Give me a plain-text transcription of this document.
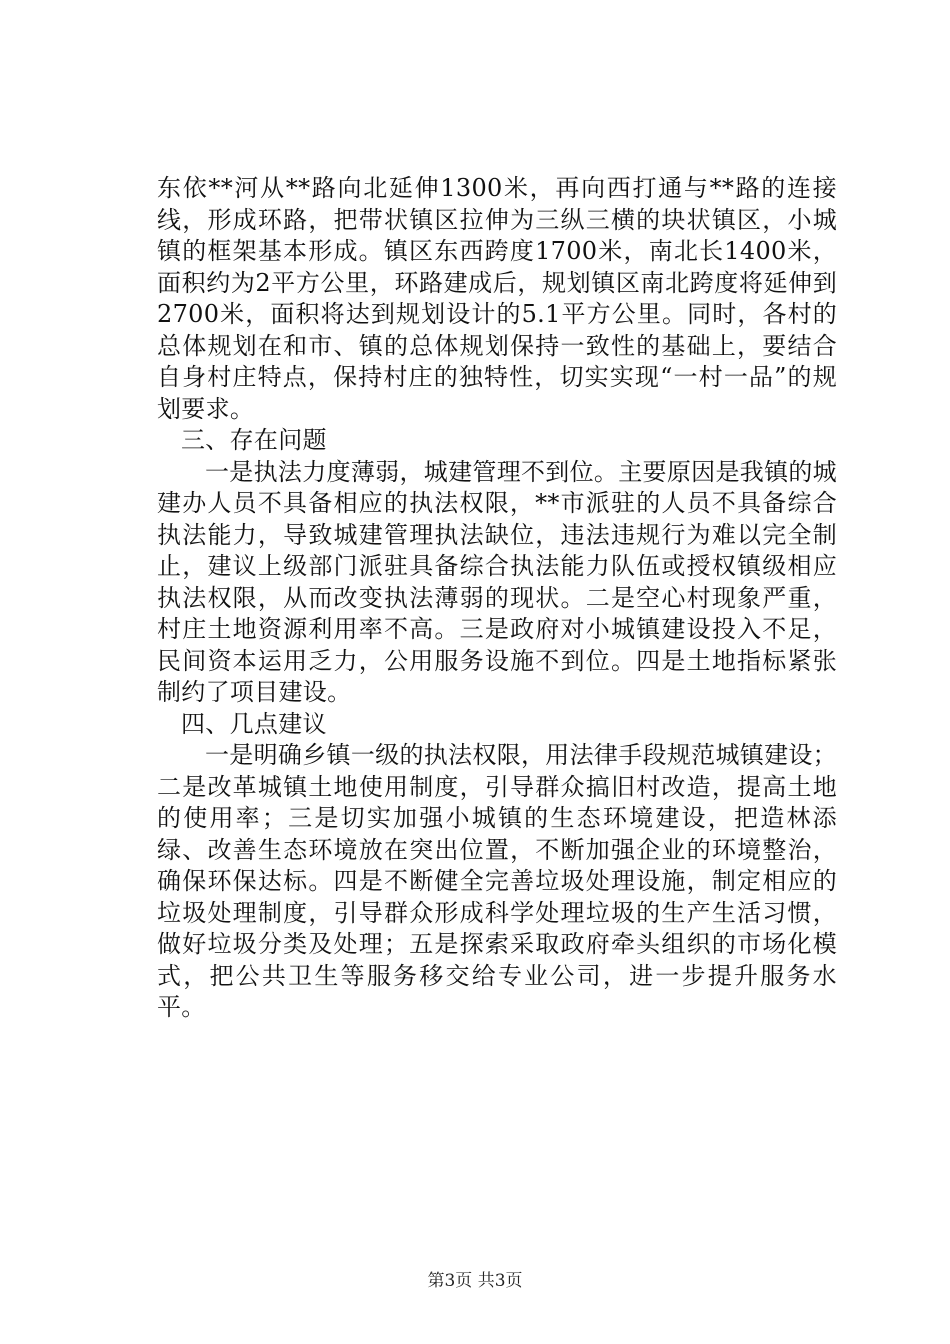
东依**河从**路向北延伸1300米，再向西打通与**路的连接线，形成环路，把带状镇区拉伸为三纵三横的块状镇区，小城镇的框架基本形成。镇区东西跨度1700米，南北长1400米，面积约为2平方公里，环路建成后，规划镇区南北跨度将延伸到2700米，面积将达到规划设计的5.1平方公里。同时，各村的总体规划在和市、镇的总体规划保持一致性的基础上，要结合自身村庄特点，保持村庄的独特性，切实实现“一村一品”的规划要求。

三、存在问题

一是执法力度薄弱，城建管理不到位。主要原因是我镇的城建办人员不具备相应的执法权限，**市派驻的人员不具备综合执法能力，导致城建管理执法缺位，违法违规行为难以完全制止，建议上级部门派驻具备综合执法能力队伍或授权镇级相应执法权限，从而改变执法薄弱的现状。二是空心村现象严重，村庄土地资源利用率不高。三是政府对小城镇建设投入不足，民间资本运用乏力，公用服务设施不到位。四是土地指标紧张制约了项目建设。

四、几点建议

一是明确乡镇一级的执法权限，用法律手段规范城镇建设；二是改革城镇土地使用制度，引导群众搞旧村改造，提高土地的使用率；三是切实加强小城镇的生态环境建设，把造林添绿、改善生态环境放在突出位置，不断加强企业的环境整治，确保环保达标。四是不断健全完善垃圾处理设施，制定相应的垃圾处理制度，引导群众形成科学处理垃圾的生产生活习惯，做好垃圾分类及处理；五是探索采取政府牵头组织的市场化模式，把公共卫生等服务移交给专业公司，进一步提升服务水平。

第3页 共3页
